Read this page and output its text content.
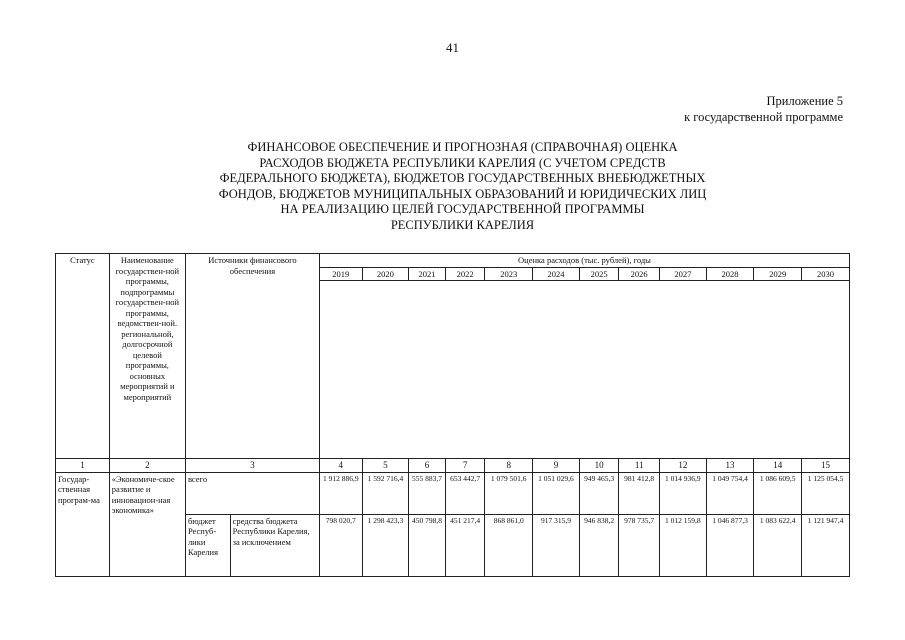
41
Приложение 5
к государственной программе
ФИНАНСОВОЕ ОБЕСПЕЧЕНИЕ И ПРОГНОЗНАЯ (СПРАВОЧНАЯ) ОЦЕНКА
РАСХОДОВ БЮДЖЕТА РЕСПУБЛИКИ КАРЕЛИЯ (С УЧЕТОМ СРЕДСТВ
ФЕДЕРАЛЬНОГО БЮДЖЕТА), БЮДЖЕТОВ ГОСУДАРСТВЕННЫХ ВНЕБЮДЖЕТНЫХ
ФОНДОВ, БЮДЖЕТОВ МУНИЦИПАЛЬНЫХ ОБРАЗОВАНИЙ И ЮРИДИЧЕСКИХ ЛИЦ
НА РЕАЛИЗАЦИЮ ЦЕЛЕЙ ГОСУДАРСТВЕННОЙ ПРОГРАММЫ
РЕСПУБЛИКИ КАРЕЛИЯ
Статус	Наименование государствен-ной программы, подпрограммы государствен-ной программы, ведомствен-ной. региональной, долгосрочной целевой программы, основных мероприятий и мероприятий	Источники финансового обеспечения		Оценка расходов (тыс. рублей), годы											
				2019	2020	2021	2022	2023	2024	2025	2026	2027	2028	2029	2030

1	2	3		4	5	6	7	8	9	10	11	12	13	14	15
Государ-ственная програм-ма	«Экономиче-ское развитие и инновацион-ная экономика»	всего		1 912 886,9	1 592 716,4	555 883,7	653 442,7	1 079 501,6	1 051 029,6	949 465,3	981 412,8	1 014 936,9	1 049 754,4	1 086 609,5	1 125 054,5
		бюджет Респуб-лики Карелия	средства бюджета Республики Карелия, за исключением	798 020,7	1 298 423,3	450 798,8	451 217,4	868 861,0	917 315,9	946 838,2	978 735,7	1 012 159,8	1 046 877,3	1 083 622,4	1 121 947,4
